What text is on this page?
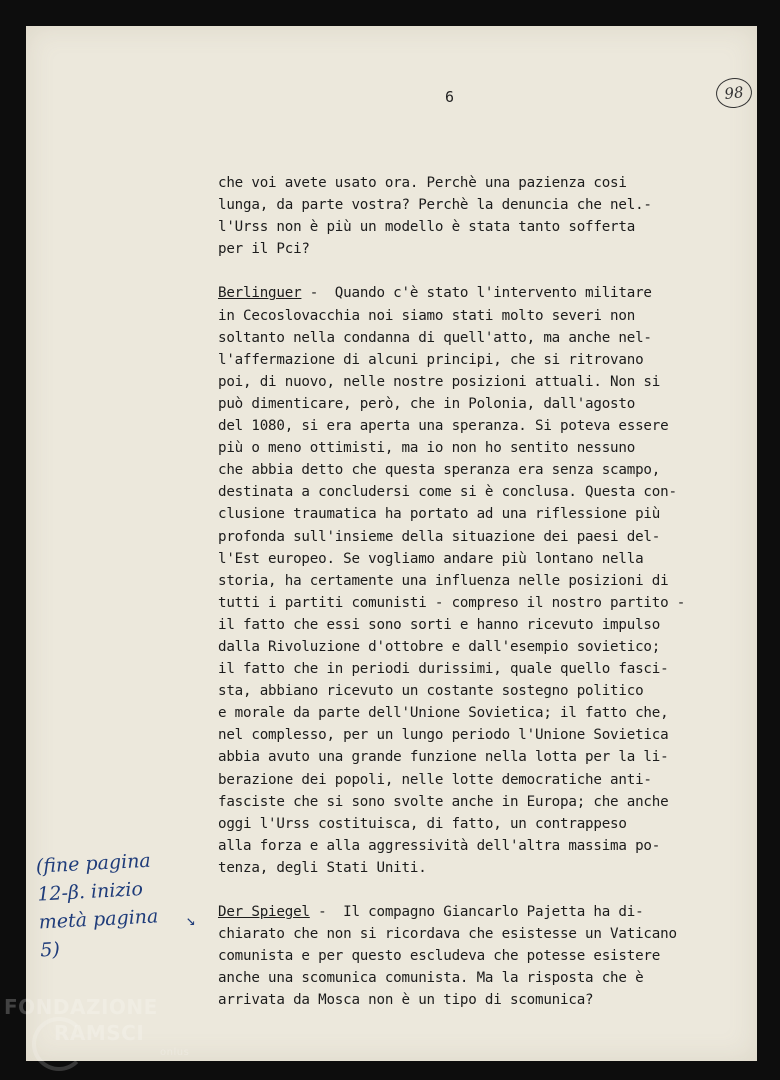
6	98
che voi avete usato ora. Perchè una pazienza cosi
lunga, da parte vostra? Perchè la denuncia che nel.-
l'Urss non è più un modello è stata tanto sofferta
per il Pci?
Berlinguer -  Quando c'è stato l'intervento militare
in Cecoslovacchia noi siamo stati molto severi non
soltanto nella condanna di quell'atto, ma anche nel-
l'affermazione di alcuni principi, che si ritrovano
poi, di nuovo, nelle nostre posizioni attuali. Non si
può dimenticare, però, che in Polonia, dall'agosto
del 1080, si era aperta una speranza. Si poteva essere
più o meno ottimisti, ma io non ho sentito nessuno
che abbia detto che questa speranza era senza scampo,
destinata a concludersi come si è conclusa. Questa con-
clusione traumatica ha portato ad una riflessione più
profonda sull'insieme della situazione dei paesi del-
l'Est europeo. Se vogliamo andare più lontano nella
storia, ha certamente una influenza nelle posizioni di
tutti i partiti comunisti - compreso il nostro partito -
il fatto che essi sono sorti e hanno ricevuto impulso
dalla Rivoluzione d'ottobre e dall'esempio sovietico;
il fatto che in periodi durissimi, quale quello fasci-
sta, abbiano ricevuto un costante sostegno politico
e morale da parte dell'Unione Sovietica; il fatto che,
nel complesso, per un lungo periodo l'Unione Sovietica
abbia avuto una grande funzione nella lotta per la li-
berazione dei popoli, nelle lotte democratiche anti-
fasciste che si sono svolte anche in Europa; che anche
oggi l'Urss costituisca, di fatto, un contrappeso
alla forza e alla aggressività dell'altra massima po-
tenza, degli Stati Uniti.
Der Spiegel -  Il compagno Giancarlo Pajetta ha di-
chiarato che non si ricordava che esistesse un Vaticano
comunista e per questo escludeva che potesse esistere
anche una scomunica comunista. Ma la risposta che è
arrivata da Mosca non è un tipo di scomunica?
(fine pagina
12-β. inizio
metà pagina
5)
↘
FONDAZIONE
RAMSCI
onlus
